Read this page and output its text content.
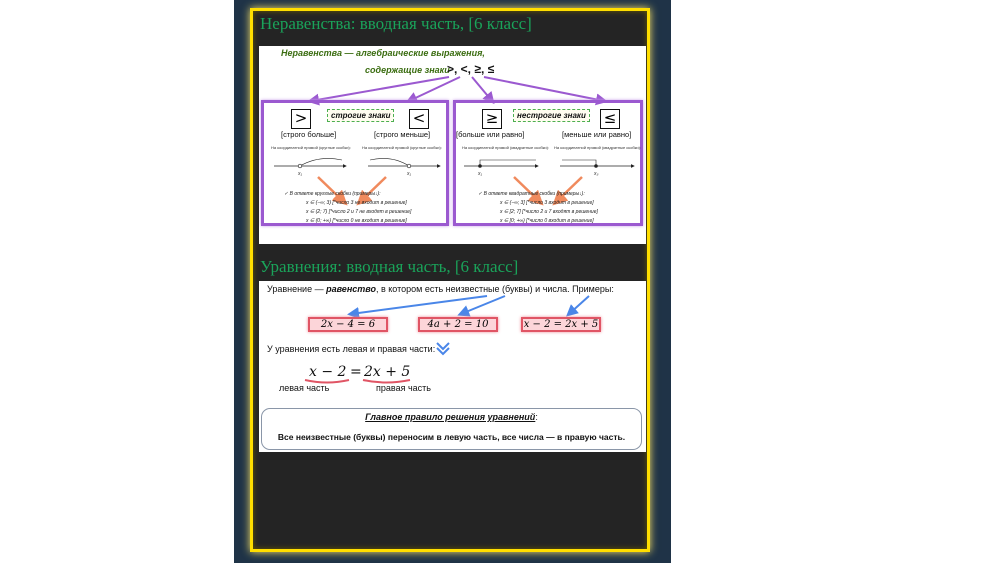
Неравенства: вводная часть, [6 класс]
Неравенства — алгебраические выражения,
содержащие знаки
>, <, ≥, ≤
>	<
строгие знаки
[строго больше]	[строго меньше]
На координатной прямой (круглые скобки):	На координатной прямой (круглые скобки):
x₁	x₁
✓ В ответе круглые скобки (примеры↓):
x ∈ (−∞; 3) [*число 3 не входит в решение]
x ∈ (2; 7) [*число 2 и 7 не входят в решение]
x ∈ (0; +∞) [*число 0 не входит в решение]
≥	≤
нестрогие знаки
[больше или равно]	[меньше или равно]
На координатной прямой (квадратные скобки): На координатной прямой (квадратные скобки):
x₁	x₃
✓ В ответе квадратные скобки (примеры↓):
x ∈ (−∞; 3] [*число 3 входит в решение]
x ∈ [2; 7] [*число 2 и 7 входят в решение]
x ∈ [0; +∞) [*число 0 входит в решение]
Уравнения: вводная часть, [6 класс]
Уравнение — равенство, в котором есть неизвестные (буквы) и числа. Примеры:
2x − 4 = 6	4a + 2 = 10	x − 2 = 2x + 5
У уравнения есть левая и правая части:
x − 2 = 2x + 5
левая часть	правая часть
Главное правило решения уравнений:
Все неизвестные (буквы) переносим в левую часть, все числа — в правую часть.
